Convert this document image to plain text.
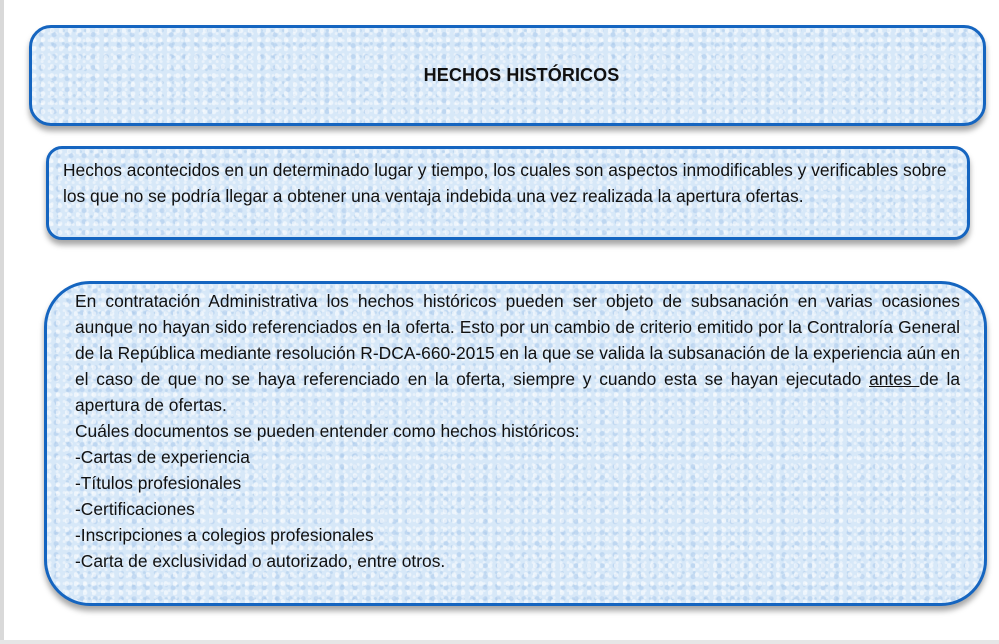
HECHOS HISTÓRICOS

Hechos acontecidos en un determinado lugar y tiempo, los cuales son aspectos inmodificables y verificables sobre los que no se podría llegar a obtener una ventaja indebida una vez realizada la apertura ofertas.

En contratación Administrativa los hechos históricos pueden ser objeto de subsanación en varias ocasiones aunque no hayan sido referenciados en la oferta. Esto por un cambio de criterio emitido por la Contraloría General de la República mediante resolución R-DCA-660-2015 en la que se valida la subsanación de la experiencia aún en el caso de que no se haya referenciado en la oferta, siempre y cuando esta se hayan ejecutado antes de la apertura de ofertas.

Cuáles documentos se pueden entender como hechos históricos:

-Cartas de experiencia

-Títulos profesionales

-Certificaciones

-Inscripciones a colegios profesionales

-Carta de exclusividad o autorizado, entre otros.
